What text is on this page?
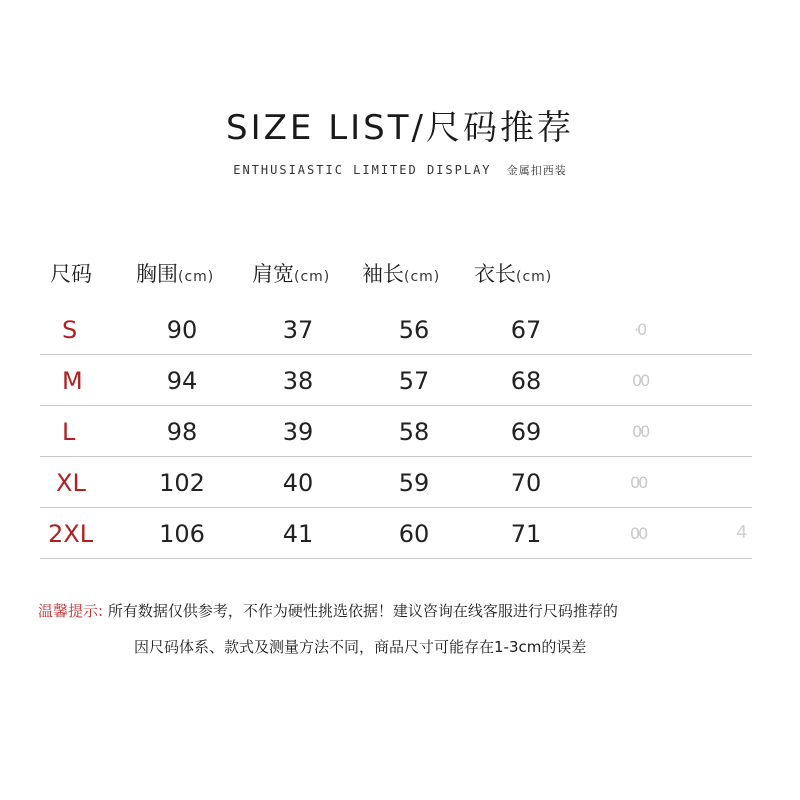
SIZE LIST/尺码推荐
ENTHUSIASTIC LIMITED DISPLAY 金属扣西装
尺码 胸围(cm) 肩宽(cm) 袖长(cm) 衣长(cm)
S	90	37	56	67	·0
M	94	38	57	68	00
L	98	39	58	69	00
XL	102	40	59	70	00
2XL	106	41	60	71	00	4
温馨提示: 所有数据仅供参考，不作为硬性挑选依据！建议咨询在线客服进行尺码推荐的
因尺码体系、款式及测量方法不同，商品尺寸可能存在1-3cm的误差
